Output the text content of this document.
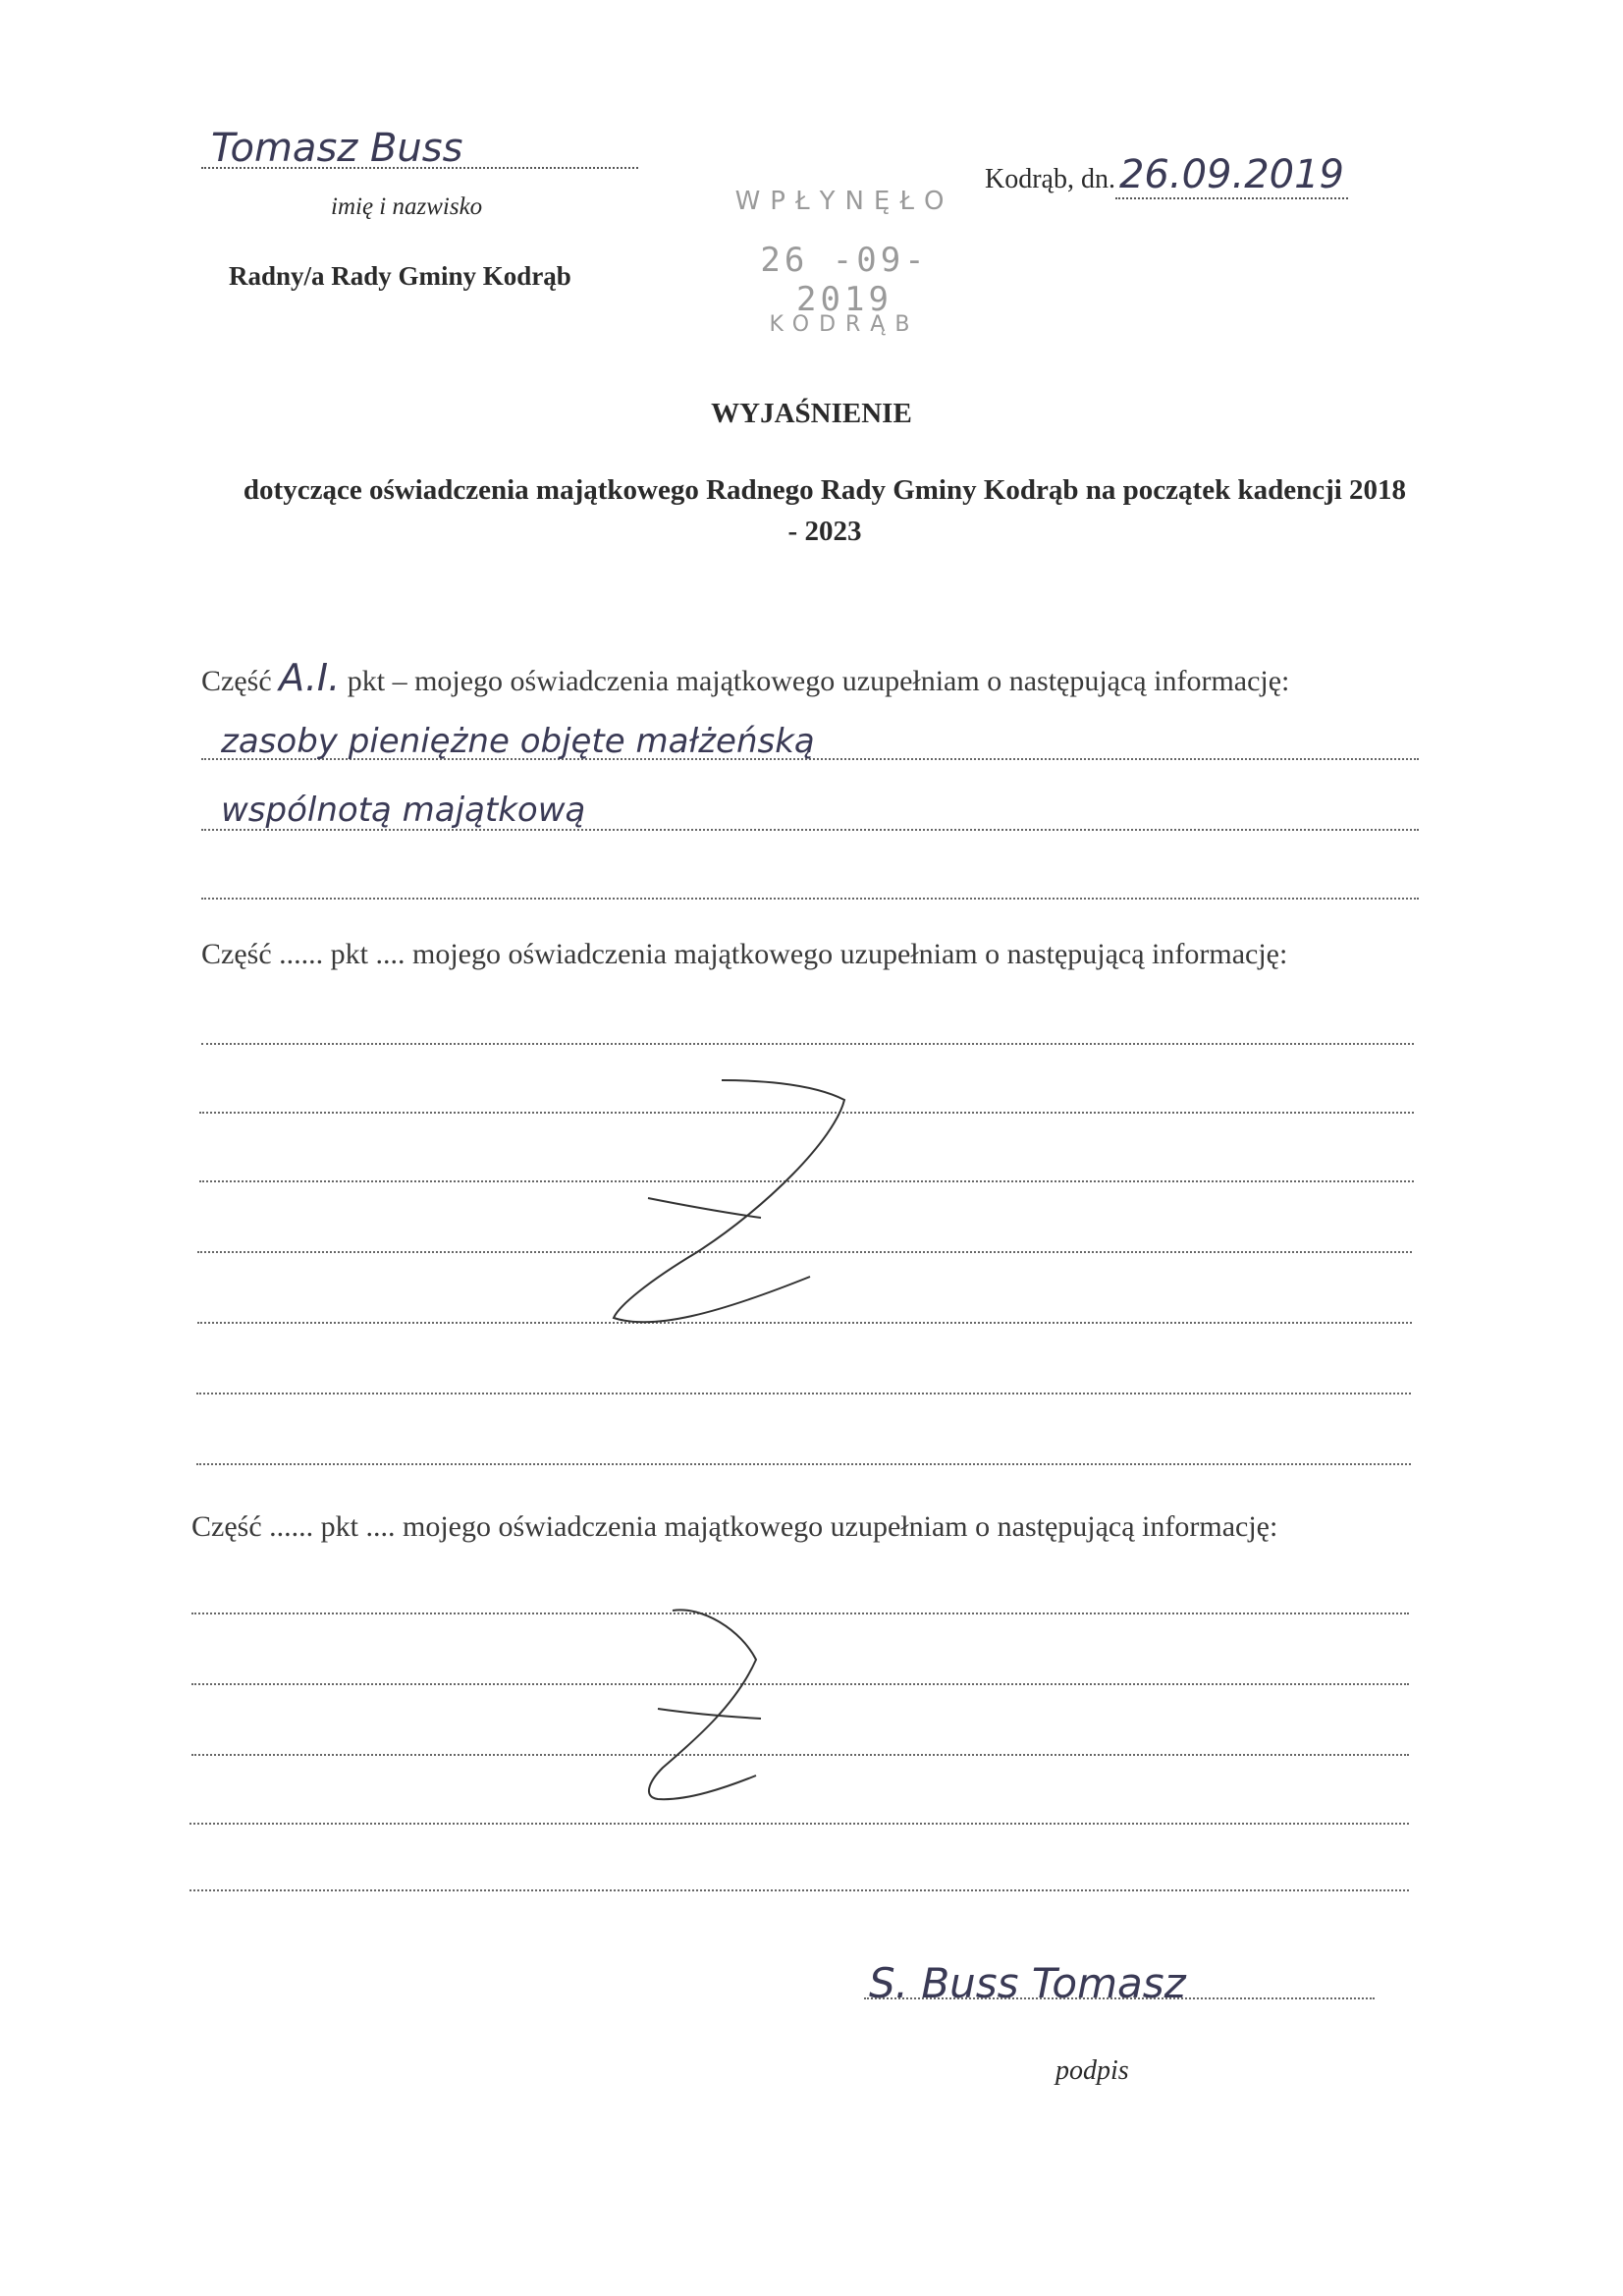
Tomasz Buss
imię i nazwisko
Radny/a Rady Gminy Kodrąb
Kodrąb, dn. 26.09.2019
WPŁYNĘŁO
26 -09- 2019
KODRĄB
WYJAŚNIENIE
dotyczące oświadczenia majątkowego Radnego Rady Gminy Kodrąb na początek kadencji 2018 - 2023
Część A.I. pkt – mojego oświadczenia majątkowego uzupełniam o następującą informację:
zasoby pieniężne objęte małżeńską
wspólnotą majątkową
Część ...... pkt .... mojego oświadczenia majątkowego uzupełniam o następującą informację:
Część ...... pkt .... mojego oświadczenia majątkowego uzupełniam o następującą informację:
S. Buss Tomasz
podpis
